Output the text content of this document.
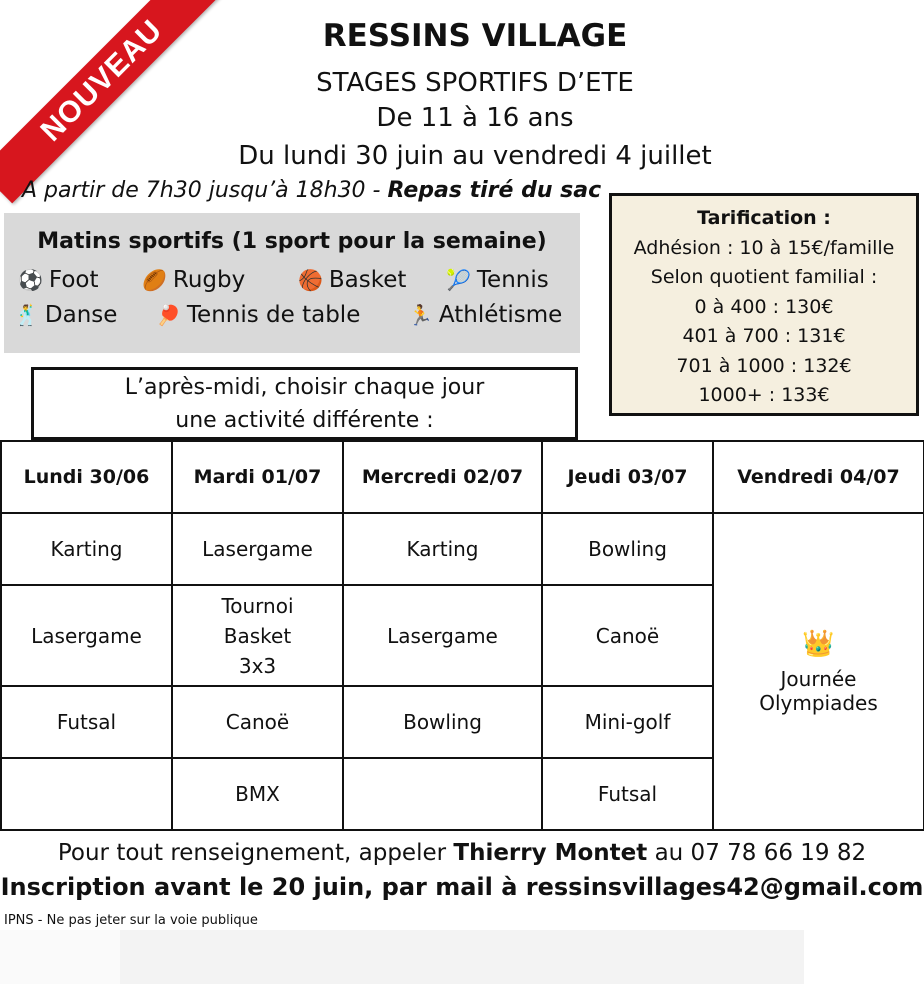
NOUVEAU	RESSINS VILLAGE
STAGES SPORTIFS D’ETE
De 11 à 16 ans
Du lundi 30 juin au vendredi 4 juillet
A partir de 7h30 jusqu’à 18h30 - Repas tiré du sac
Matins sportifs (1 sport pour la semaine)
⚽ Foot 🏉 Rugby	🏀 Basket 🎾 Tennis
🕺 Danse 🏓 Tennis de table 🏃 Athlétisme
Tarification :
Adhésion : 10 à 15€/famille
Selon quotient familial :
0 à 400 : 130€
401 à 700 : 131€
701 à 1000 : 132€
1000+ : 133€
L’après-midi, choisir chaque jour
une activité différente :
Lundi 30/06	Mardi 01/07	Mercredi 02/07	Jeudi 03/07	Vendredi 04/07
Karting	Lasergame	Karting	Bowling	👑
Journée
Olympiades

Lasergame	Tournoi Basket 3x3	Lasergame	Canoë	
Futsal	Canoë	Bowling	Mini-golf	
	BMX		Futsal	
Pour tout renseignement, appeler Thierry Montet au 07 78 66 19 82
Inscription avant le 20 juin, par mail à ressinsvillages42@gmail.com
IPNS - Ne pas jeter sur la voie publique
